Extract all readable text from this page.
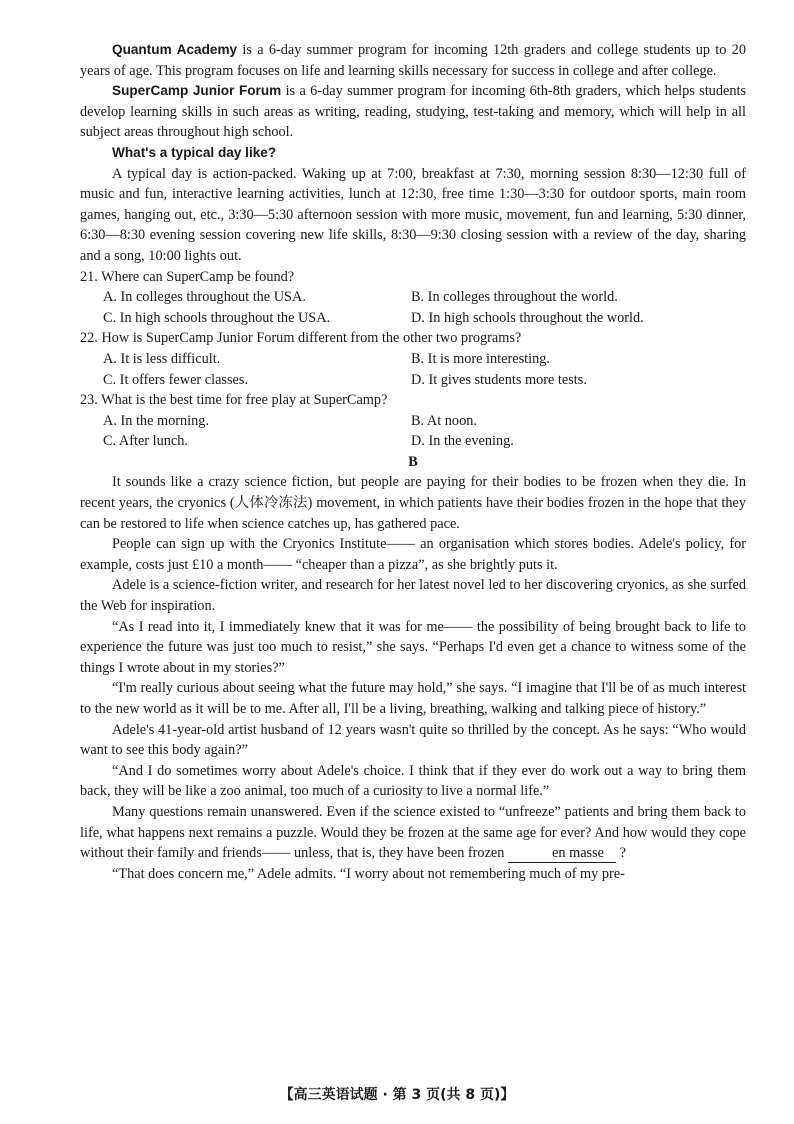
Quantum Academy is a 6-day summer program for incoming 12th graders and college students up to 20 years of age. This program focuses on life and learning skills necessary for success in college and after college.

SuperCamp Junior Forum is a 6-day summer program for incoming 6th-8th graders, which helps students develop learning skills in such areas as writing, reading, studying, test-taking and memory, which will help in all subject areas throughout high school.

What's a typical day like?

A typical day is action-packed. Waking up at 7:00, breakfast at 7:30, morning session 8:30—12:30 full of music and fun, interactive learning activities, lunch at 12:30, free time 1:30—3:30 for outdoor sports, main room games, hanging out, etc., 3:30—5:30 afternoon session with more music, movement, fun and learning, 5:30 dinner, 6:30—8:30 evening session covering new life skills, 8:30—9:30 closing session with a review of the day, sharing and a song, 10:00 lights out.

21. Where can SuperCamp be found?

A. In colleges throughout the USA.	B. In colleges throughout the world.
C. In high schools throughout the USA.	D. In high schools throughout the world.

22. How is SuperCamp Junior Forum different from the other two programs?

A. It is less difficult.	B. It is more interesting.
C. It offers fewer classes.	D. It gives students more tests.

23. What is the best time for free play at SuperCamp?

A. In the morning.	B. At noon.
C. After lunch.	D. In the evening.

B

It sounds like a crazy science fiction, but people are paying for their bodies to be frozen when they die. In recent years, the cryonics (人体冷冻法) movement, in which patients have their bodies frozen in the hope that they can be restored to life when science catches up, has gathered pace.

People can sign up with the Cryonics Institute—— an organisation which stores bodies. Adele's policy, for example, costs just £10 a month—— “cheaper than a pizza”, as she brightly puts it.

Adele is a science-fiction writer, and research for her latest novel led to her discovering cryonics, as she surfed the Web for inspiration.

“As I read into it, I immediately knew that it was for me—— the possibility of being brought back to life to experience the future was just too much to resist,” she says. “Perhaps I'd even get a chance to witness some of the things I wrote about in my stories?”

“I'm really curious about seeing what the future may hold,” she says. “I imagine that I'll be of as much interest to the new world as it will be to me. After all, I'll be a living, breathing, walking and talking piece of history.”

Adele's 41-year-old artist husband of 12 years wasn't quite so thrilled by the concept. As he says: “Who would want to see this body again?”

“And I do sometimes worry about Adele's choice. I think that if they ever do work out a way to bring them back, they will be like a zoo animal, too much of a curiosity to live a normal life.”

Many questions remain unanswered. Even if the science existed to “unfreeze” patients and bring them back to life, what happens next remains a puzzle. Would they be frozen at the same age for ever? And how would they cope without their family and friends—— unless, that is, they have been frozen	en masse ?

“That does concern me,” Adele admits. “I worry about not remembering much of my pre-

【高三英语试题 · 第 3 页(共 8 页)】
